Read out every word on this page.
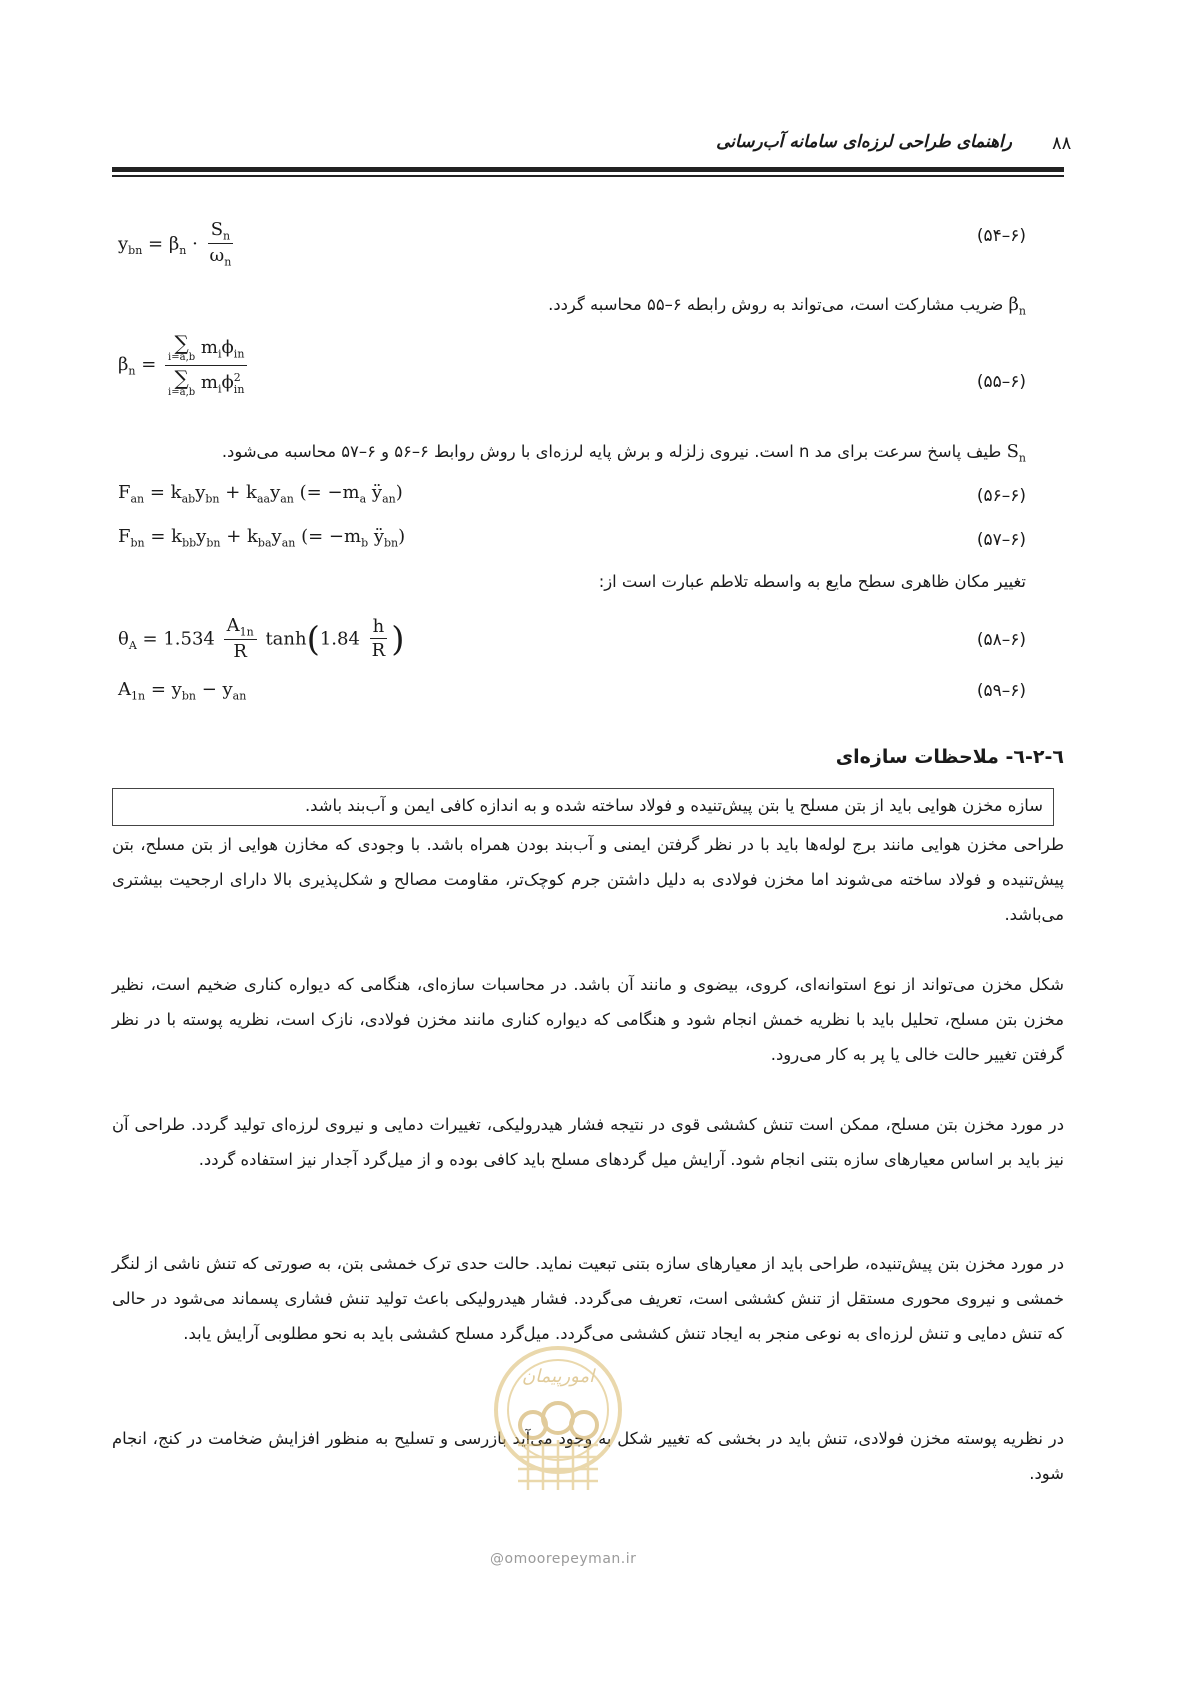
راهنمای طراحی لرزه‌ای سامانه آب‌رسانی ۸۸
$y_{bn} = \beta_n \cdot \frac{S_n}{\omega_n}$	(۶–۵۴)
$\beta_n$ ضریب مشارکت است، می‌تواند به روش رابطه ۶–۵۵ محاسبه گردد.
$\beta_n$ = ∑
i=a,b $m_i\phi_{in}$
∑
i=a,b $m_i\phi^2_{in}$	(۶–۵۵)
$S_n$ طیف پاسخ سرعت برای مد n است. نیروی زلزله و برش پایه لرزه‌ای با روش روابط ۶–۵۶ و ۶–۵۷ محاسبه می‌شود.
$F_{an} = k_{ab}y_{bn} + k_{aa}y_{an}$ (= $-m_a$ $ÿ_{an}$)	(۶–۵۶)
$F_{bn} = k_{bb}y_{bn} + k_{ba}y_{an}$ (= $-m_b$ $ÿ_{bn}$)	(۶–۵۷)
تغییر مکان ظاهری سطح مایع به واسطه تلاطم عبارت است از:
$\theta_A = 1.534 \frac{A_{1n}}{R} \tanh(1.84 \frac{h}{R}$ )	(۶–۵۸)
$A_{1n} = y_{bn} - y_{an}$	(۶–۵۹)
٦-٢-٦- ملاحظات سازه‌ای
سازه مخزن هوایی باید از بتن مسلح یا بتن پیش‌تنیده و فولاد ساخته شده و به اندازه کافی ایمن و آب‌بند باشد.
طراحی مخزن هوایی مانند برج لوله‌ها باید با در نظر گرفتن ایمنی و آب‌بند بودن همراه باشد. با وجودی که مخازن هوایی از بتن مسلح، بتن پیش‌تنیده و فولاد ساخته می‌شوند اما مخزن فولادی به دلیل داشتن جرم کوچک‌تر، مقاومت مصالح و شکل‌پذیری بالا دارای ارجحیت بیشتری می‌باشد.
شکل مخزن می‌تواند از نوع استوانه‌ای، کروی، بیضوی و مانند آن باشد. در محاسبات سازه‌ای، هنگامی که دیواره کناری ضخیم است، نظیر مخزن بتن مسلح، تحلیل باید با نظریه خمش انجام شود و هنگامی که دیواره کناری مانند مخزن فولادی، نازک است، نظریه پوسته با در نظر گرفتن تغییر حالت خالی یا پر به کار می‌رود.
در مورد مخزن بتن مسلح، ممکن است تنش کششی قوی در نتیجه فشار هیدرولیکی، تغییرات دمایی و نیروی لرزه‌ای تولید گردد. طراحی آن نیز باید بر اساس معیارهای سازه بتنی انجام شود. آرایش میل گردهای مسلح باید کافی بوده و از میل‌گرد آجدار نیز استفاده گردد.
در مورد مخزن بتن پیش‌تنیده، طراحی باید از معیارهای سازه بتنی تبعیت نماید. حالت حدی ترک خمشی بتن، به صورتی که تنش ناشی از لنگر خمشی و نیروی محوری مستقل از تنش کششی است، تعریف می‌گردد. فشار هیدرولیکی باعث تولید تنش فشاری پسماند می‌شود در حالی که تنش دمایی و تنش لرزه‌ای به نوعی منجر به ایجاد تنش کششی می‌گردد. میل‌گرد مسلح کششی باید به نحو مطلوبی آرایش یابد.
در نظریه پوسته مخزن فولادی، تنش باید در بخشی که تغییر شکل به وجود می‌آید بازرسی و تسلیح به منظور افزایش ضخامت در کنج، انجام شود.
امورپیمان
@omoorepeyman.ir
